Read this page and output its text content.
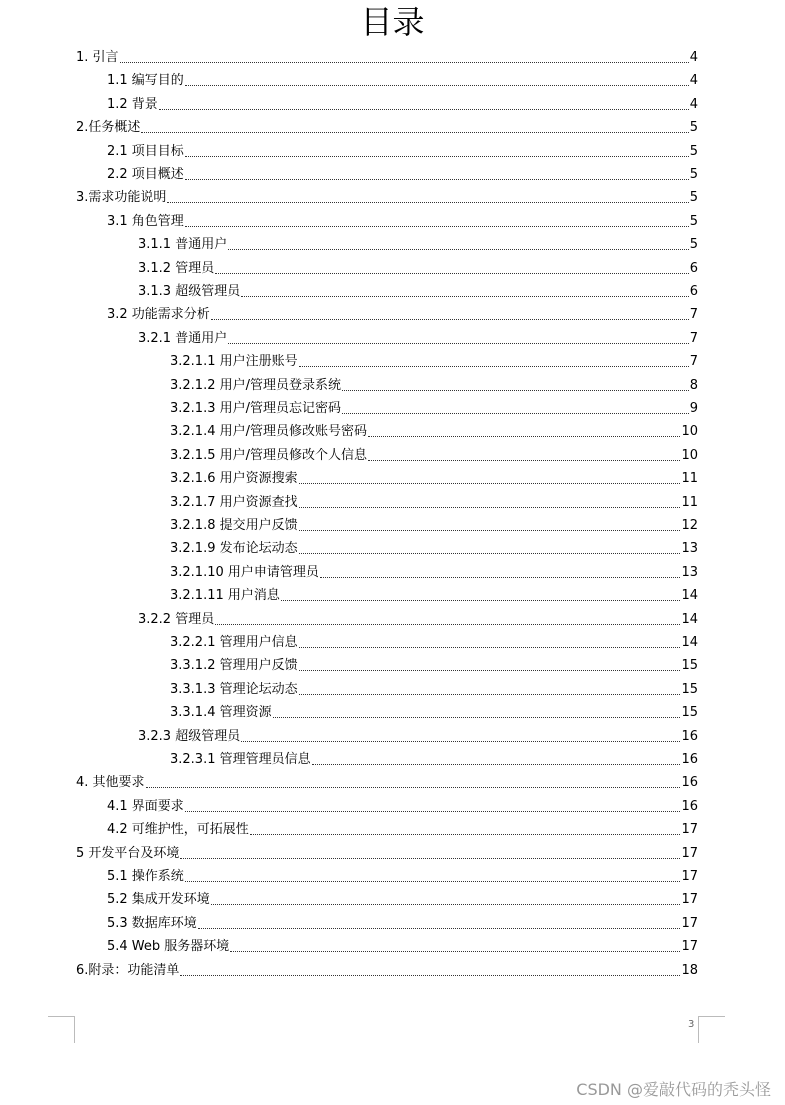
目录
1. 引言	4
1.1 编写目的	4
1.2 背景	4
2.任务概述	5
2.1 项目目标	5
2.2 项目概述	5
3.需求功能说明	5
3.1 角色管理	5
3.1.1 普通用户	5
3.1.2 管理员	6
3.1.3 超级管理员	6
3.2 功能需求分析	7
3.2.1 普通用户	7
3.2.1.1 用户注册账号	7
3.2.1.2 用户/管理员登录系统	8
3.2.1.3 用户/管理员忘记密码	9
3.2.1.4 用户/管理员修改账号密码	10
3.2.1.5 用户/管理员修改个人信息	10
3.2.1.6 用户资源搜索	11
3.2.1.7 用户资源查找	11
3.2.1.8 提交用户反馈	12
3.2.1.9 发布论坛动态	13
3.2.1.10 用户申请管理员	13
3.2.1.11 用户消息	14
3.2.2 管理员	14
3.2.2.1 管理用户信息	14
3.3.1.2 管理用户反馈	15
3.3.1.3 管理论坛动态	15
3.3.1.4 管理资源	15
3.2.3 超级管理员	16
3.2.3.1 管理管理员信息	16
4. 其他要求	16
4.1 界面要求	16
4.2 可维护性，可拓展性	17
5 开发平台及环境	17
5.1 操作系统	17
5.2 集成开发环境	17
5.3 数据库环境	17
5.4 Web 服务器环境	17
6.附录：功能清单	18
3
CSDN @爱敲代码的秃头怪
